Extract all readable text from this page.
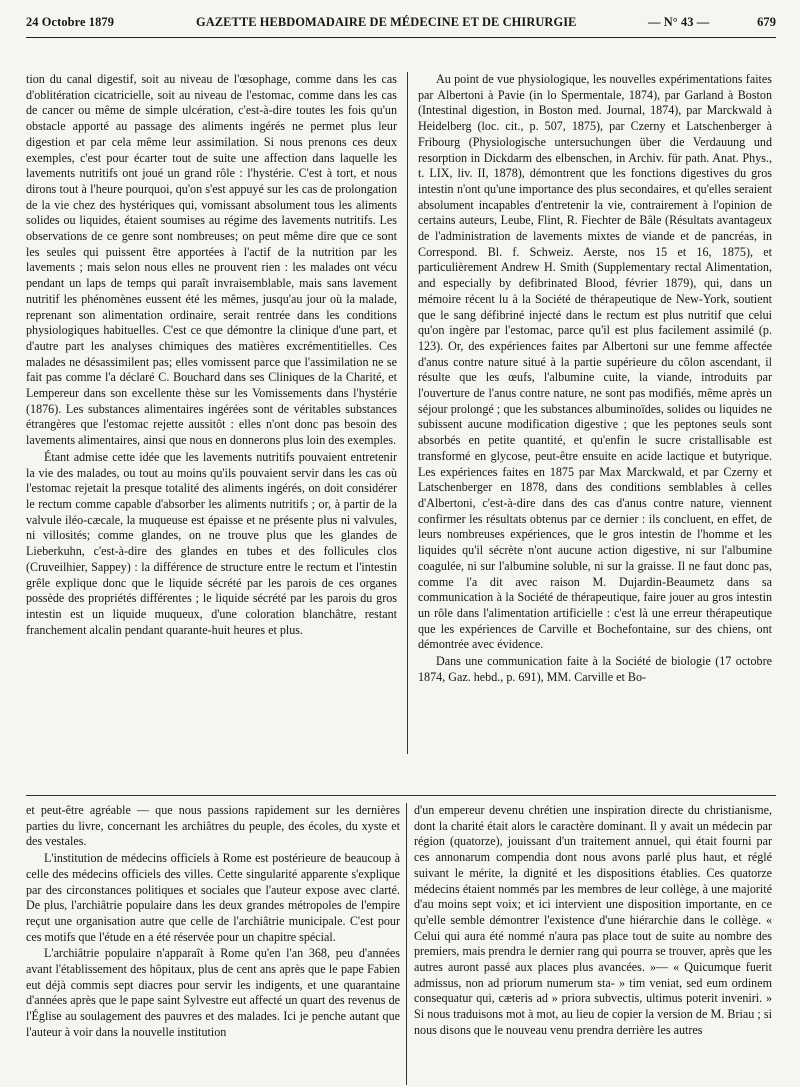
24 Octobre 1879	GAZETTE HEBDOMADAIRE DE MÉDECINE ET DE CHIRURGIE	— N° 43 —	679

tion du canal digestif, soit au niveau de l'œsophage, comme dans les cas d'oblitération cicatricielle, soit au niveau de l'estomac, comme dans les cas de cancer ou même de simple ulcération, c'est-à-dire toutes les fois qu'un obstacle apporté au passage des aliments ingérés ne permet plus leur digestion et par cela même leur assimilation. Si nous prenons ces deux exemples, c'est pour écarter tout de suite une affection dans laquelle les lavements nutritifs ont joué un grand rôle : l'hystérie. C'est à tort, et nous dirons tout à l'heure pourquoi, qu'on s'est appuyé sur les cas de prolongation de la vie chez des hystériques qui, vomissant absolument tous les aliments solides ou liquides, étaient soumises au régime des lavements nutritifs. Les observations de ce genre sont nombreuses; on peut même dire que ce sont les seules qui puissent être apportées à l'actif de la nutrition par les lavements ; mais selon nous elles ne prouvent rien : les malades ont vécu pendant un laps de temps qui paraît invraisemblable, mais sans lavement nutritif les phénomènes eussent été les mêmes, jusqu'au jour où la malade, reprenant son alimentation ordinaire, serait rentrée dans les conditions physiologiques habituelles. C'est ce que démontre la clinique d'une part, et d'autre part les analyses chimiques des matières excrémentitielles. Ces malades ne désassimilent pas; elles vomissent parce que l'assimilation ne se fait pas comme l'a déclaré C. Bouchard dans ses Cliniques de la Charité, et Lempereur dans son excellente thèse sur les Vomissements dans l'hystérie (1876). Les substances alimentaires ingérées sont de véritables substances étrangères que l'estomac rejette aussitôt : elles n'ont donc pas besoin des lavements alimentaires, ainsi que nous en donnerons plus loin des exemples.

Étant admise cette idée que les lavements nutritifs pouvaient entretenir la vie des malades, ou tout au moins qu'ils pouvaient servir dans les cas où l'estomac rejetait la presque totalité des aliments ingérés, on doit considérer le rectum comme capable d'absorber les aliments nutritifs ; or, à partir de la valvule iléo-cæcale, la muqueuse est épaisse et ne présente plus ni valvules, ni villosités; comme glandes, on ne trouve plus que les glandes de Lieberkuhn, c'est-à-dire des glandes en tubes et des follicules clos (Cruveilhier, Sappey) : la différence de structure entre le rectum et l'intestin grêle explique donc que le liquide sécrété par les parois de ces organes possède des propriétés différentes ; le liquide sécrété par les parois du gros intestin est un liquide muqueux, d'une coloration blanchâtre, restant franchement alcalin pendant quarante-huit heures et plus.

Au point de vue physiologique, les nouvelles expérimentations faites par Albertoni à Pavie (in lo Spermentale, 1874), par Garland à Boston (Intestinal digestion, in Boston med. Journal, 1874), par Marckwald à Heidelberg (loc. cit., p. 507, 1875), par Czerny et Latschenberger à Fribourg (Physiologische untersuchungen über die Verdauung und resorption in Dickdarm des elbenschen, in Archiv. für path. Anat. Phys., t. LIX, liv. II, 1878), démontrent que les fonctions digestives du gros intestin n'ont qu'une importance des plus secondaires, et qu'elles seraient absolument incapables d'entretenir la vie, contrairement à l'opinion de certains auteurs, Leube, Flint, R. Fiechter de Bâle (Résultats avantageux de l'administration de lavements mixtes de viande et de pancréas, in Correspond. Bl. f. Schweiz. Aerste, nos 15 et 16, 1875), et particulièrement Andrew H. Smith (Supplementary rectal Alimentation, and especially by defibrinated Blood, février 1879), qui, dans un mémoire récent lu à la Société de thérapeutique de New-York, soutient que le sang défibriné injecté dans le rectum est plus nutritif que celui qu'on ingère par l'estomac, parce qu'il est plus facilement assimilé (p. 123). Or, des expériences faites par Albertoni sur une femme affectée d'anus contre nature situé à la partie supérieure du côlon ascendant, il résulte que les œufs, l'albumine cuite, la viande, introduits par l'ouverture de l'anus contre nature, ne sont pas modifiés, même après un séjour prolongé ; que les substances albuminoïdes, solides ou liquides ne subissent aucune modification digestive ; que les peptones seuls sont absorbés en petite quantité, et qu'enfin le sucre cristallisable est transformé en glycose, peut-être ensuite en acide lactique et butyrique. Les expériences faites en 1875 par Max Marckwald, et par Czerny et Latschenberger en 1878, dans des conditions semblables à celles d'Albertoni, c'est-à-dire dans des cas d'anus contre nature, viennent confirmer les résultats obtenus par ce dernier : ils concluent, en effet, de leurs nombreuses expériences, que le gros intestin de l'homme et les liquides qu'il sécrète n'ont aucune action digestive, ni sur l'albumine coagulée, ni sur l'albumine soluble, ni sur la graisse. Il ne faut donc pas, comme l'a dit avec raison M. Dujardin-Beaumetz dans sa communication à la Société de thérapeutique, faire jouer au gros intestin un rôle dans l'alimentation artificielle : c'est là une erreur thérapeutique que les expériences de Carville et Bochefontaine, sur des chiens, ont démontrée avec évidence.

Dans une communication faite à la Société de biologie (17 octobre 1874, Gaz. hebd., p. 691), MM. Carville et Bo-

et peut-être agréable — que nous passions rapidement sur les dernières parties du livre, concernant les archiâtres du peuple, des écoles, du xyste et des vestales.

L'institution de médecins officiels à Rome est postérieure de beaucoup à celle des médecins officiels des villes. Cette singularité apparente s'explique par des circonstances politiques et sociales que l'auteur expose avec clarté. De plus, l'archiâtrie populaire dans les deux grandes métropoles de l'empire reçut une organisation autre que celle de l'archiâtrie municipale. C'est pour ces motifs que l'étude en a été réservée pour un chapitre spécial.

L'archiâtrie populaire n'apparaît à Rome qu'en l'an 368, peu d'années avant l'établissement des hôpitaux, plus de cent ans après que le pape Fabien eut déjà commis sept diacres pour servir les indigents, et une quarantaine d'années après que le pape saint Sylvestre eut affecté un quart des revenus de l'Église au soulagement des pauvres et des malades. Ici je penche autant que l'auteur à voir dans la nouvelle institution

d'un empereur devenu chrétien une inspiration directe du christianisme, dont la charité était alors le caractère dominant. Il y avait un médecin par région (quatorze), jouissant d'un traitement annuel, qui était fourni par ces annonarum compendia dont nous avons parlé plus haut, et réglé suivant le mérite, la dignité et les dispositions établies. Ces quatorze médecins étaient nommés par les membres de leur collège, à une majorité d'au moins sept voix; et ici intervient une disposition importante, en ce qu'elle semble démontrer l'existence d'une hiérarchie dans le collège. « Celui qui aura été nommé n'aura pas place tout de suite au nombre des premiers, mais prendra le dernier rang qui pourra se trouver, après que les autres auront passé aux places plus avancées. »— « Quicumque fuerit admissus, non ad priorum numerum sta- » tim veniat, sed eum ordinem consequatur qui, cæteris ad » priora subvectis, ultimus poterit inveniri. » Si nous traduisons mot à mot, au lieu de copier la version de M. Briau ; si nous disons que le nouveau venu prendra derrière les autres
